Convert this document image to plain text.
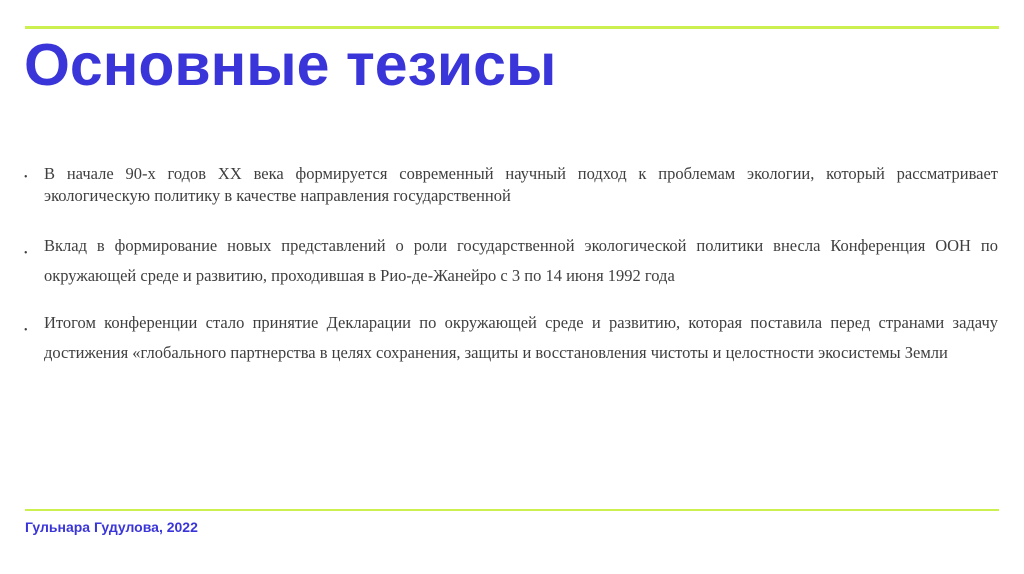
Основные тезисы
• В начале 90-х годов XX века формируется современный научный подход к проблемам экологии, который рассматривает экологическую политику в качестве направления государственной
• Вклад в формирование новых представлений о роли государственной экологической политики внесла Конференция ООН по окружающей среде и развитию, проходившая в Рио-де-Жанейро с 3 по 14 июня 1992 года
• Итогом конференции стало принятие Декларации по окружающей среде и развитию, которая поставила перед странами задачу достижения «глобального партнерства в целях сохранения, защиты и восстановления чистоты и целостности экосистемы Земли

Гульнара Гудулова, 2022
